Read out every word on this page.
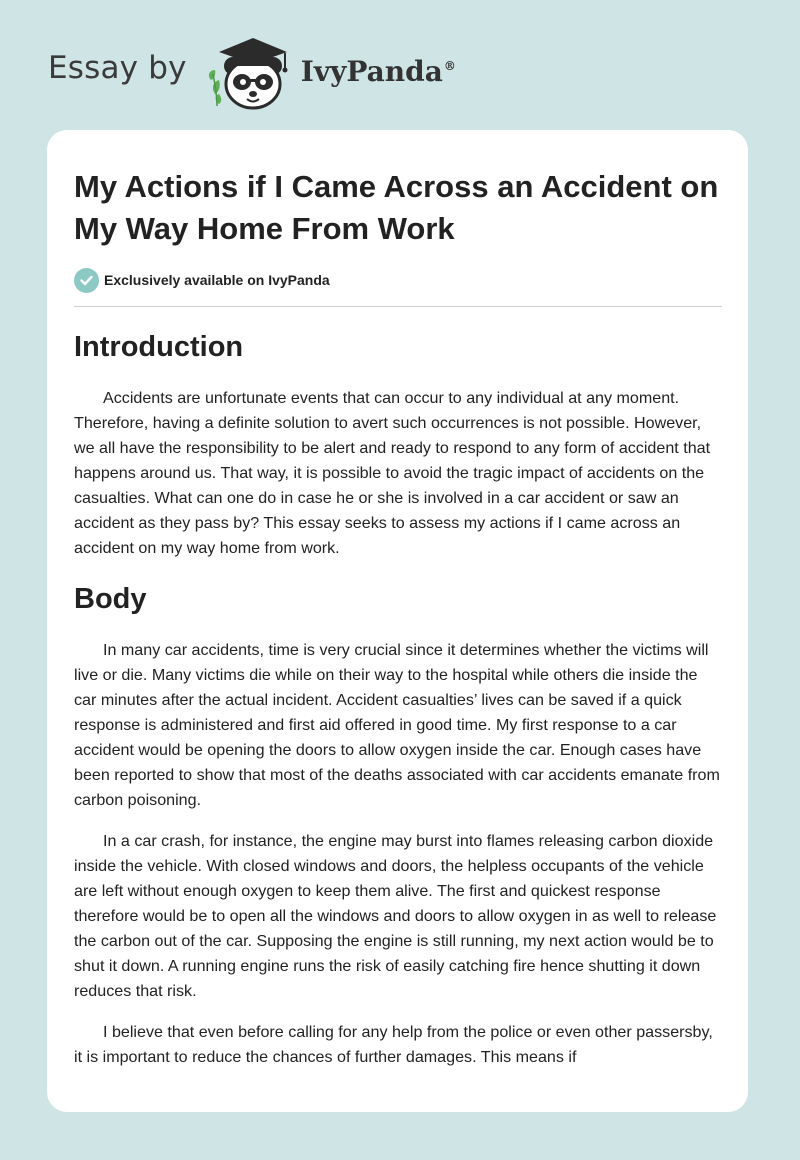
Essay by	IvyPanda®
My Actions if I Came Across an Accident on My Way Home From Work
Exclusively available on IvyPanda
Introduction

Accidents are unfortunate events that can occur to any individual at any moment. Therefore, having a definite solution to avert such occurrences is not possible. However, we all have the responsibility to be alert and ready to respond to any form of accident that happens around us. That way, it is possible to avoid the tragic impact of accidents on the casualties. What can one do in case he or she is involved in a car accident or saw an accident as they pass by? This essay seeks to assess my actions if I came across an accident on my way home from work.

Body

In many car accidents, time is very crucial since it determines whether the victims will live or die. Many victims die while on their way to the hospital while others die inside the car minutes after the actual incident. Accident casualties’ lives can be saved if a quick response is administered and first aid offered in good time. My first response to a car accident would be opening the doors to allow oxygen inside the car. Enough cases have been reported to show that most of the deaths associated with car accidents emanate from carbon poisoning.

In a car crash, for instance, the engine may burst into flames releasing carbon dioxide inside the vehicle. With closed windows and doors, the helpless occupants of the vehicle are left without enough oxygen to keep them alive. The first and quickest response therefore would be to open all the windows and doors to allow oxygen in as well to release the carbon out of the car. Supposing the engine is still running, my next action would be to shut it down. A running engine runs the risk of easily catching fire hence shutting it down reduces that risk.

I believe that even before calling for any help from the police or even other passersby, it is important to reduce the chances of further damages. This means if
